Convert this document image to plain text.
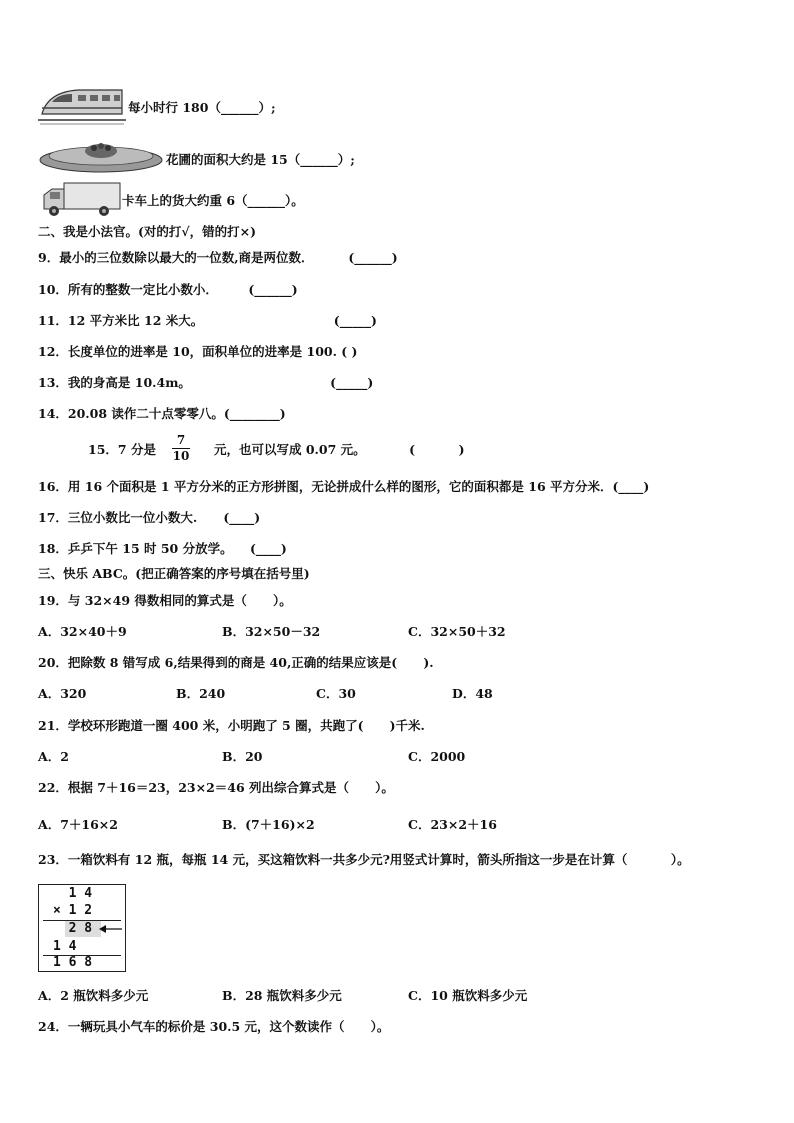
每小时行 180（______）;
花圃的面积大约是 15（______）;
卡车上的货大约重 6（______）。
二、我是小法官。(对的打√，错的打×)
9．最小的三位数除以最大的一位数,商是两位数．        (______)
10．所有的整数一定比小数小．       (______)
11．12 平方米比 12 米大。                              (_____)
12．长度单位的进率是 10，面积单位的进率是 100. ( )
13．我的身高是 10.4m。                                (_____)
14．20.08 读作二十点零零八。(________)
15．7 分是 $\frac{7}{10}$ 元，也可以写成 0.07 元。          (          )
16．用 16 个面积是 1 平方分米的正方形拼图，无论拼成什么样的图形，它的面积都是 16 平方分米．(____)
17．三位小数比一位小数大.      (____)
18．乒乒下午 15 时 50 分放学。    (____)
三、快乐 ABC。(把正确答案的序号填在括号里)
19．与 32×49 得数相同的算式是（      ）。
A．32×40＋9	B．32×50－32	C．32×50＋32
20．把除数 8 错写成 6,结果得到的商是 40,正确的结果应该是(      ).
A．320	B．240	C．30	D．48
21．学校环形跑道一圈 400 米，小明跑了 5 圈，共跑了(      )千米.
A．2	B．20	C．2000
22．根据 7＋16＝23，23×2＝46 列出综合算式是（      ）。
A．7＋16×2	B．(7＋16)×2	C．23×2＋16
23．一箱饮料有 12 瓶，每瓶 14 元，买这箱饮料一共多少元?用竖式计算时，箭头所指这一步是在计算（          ）。
1 4
× 1 2
2 8
1 4
1 6 8
A．2 瓶饮料多少元	B．28 瓶饮料多少元	C．10 瓶饮料多少元
24．一辆玩具小气车的标价是 30.5 元，这个数读作（      ）。
